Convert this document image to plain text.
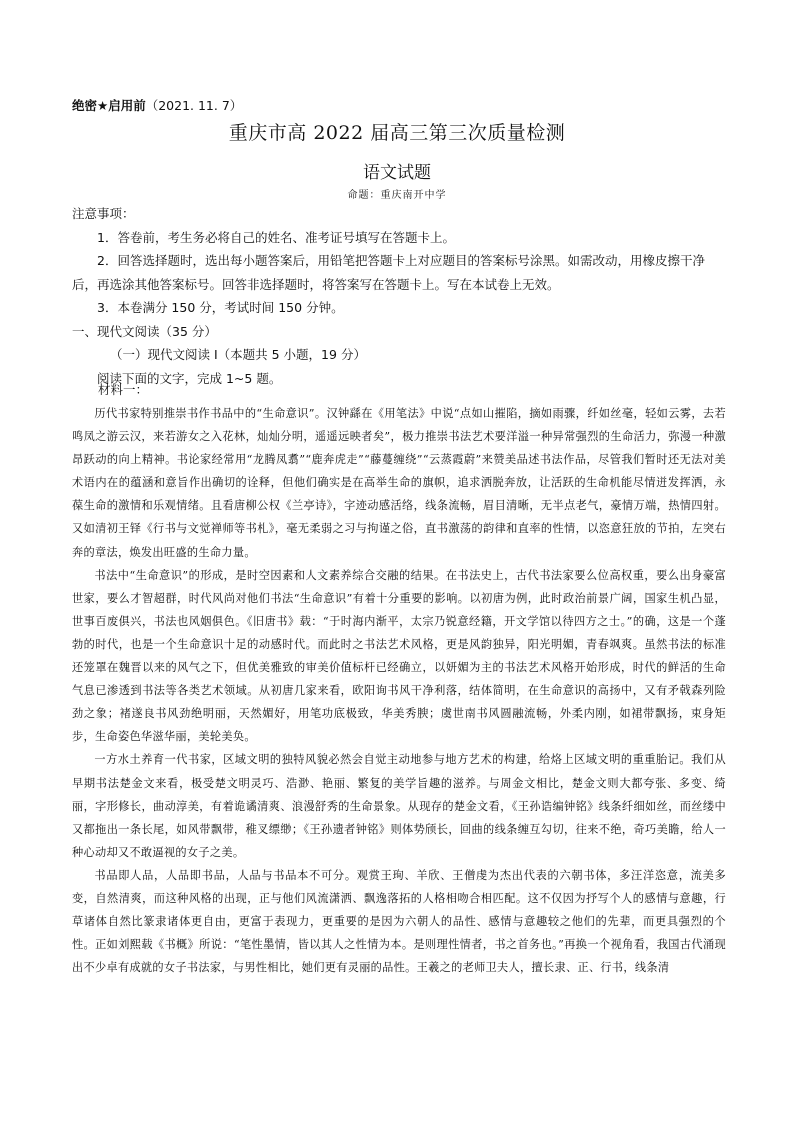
绝密★启用前（2021. 11. 7）
重庆市高 2022 届高三第三次质量检测
语文试题
命题：重庆南开中学

注意事项：

1．答卷前，考生务必将自己的姓名、准考证号填写在答题卡上。

2．回答选择题时，选出每小题答案后，用铅笔把答题卡上对应题目的答案标号涂黑。如需改动，用橡皮擦干净后，再选涂其他答案标号。回答非选择题时，将答案写在答题卡上。写在本试卷上无效。

3．本卷满分 150 分，考试时间 150 分钟。

一、现代文阅读（35 分）

（一）现代文阅读 I（本题共 5 小题，19 分）

阅读下面的文字，完成 1~5 题。

材料一：

历代书家特别推崇书作书品中的“生命意识”。汉钟繇在《用笔法》中说“点如山摧陷，摘如雨骤，纤如丝毫，轻如云雾，去若鸣凤之游云汉，来若游女之入花林，灿灿分明，遥遥远映者矣”，极力推崇书法艺术要洋溢一种异常强烈的生命活力，弥漫一种激昂跃动的向上精神。书论家经常用“龙腾凤翥”“鹿奔虎走”“藤蔓缠绕”“云蒸霞蔚”来赞美品述书法作品，尽管我们暂时还无法对美术语内在的蕴涵和意旨作出确切的诠释，但他们确实是在高举生命的旗帜，追求洒脱奔放，让活跃的生命机能尽情迸发挥洒，永葆生命的激情和乐观情绪。且看唐柳公权《兰亭诗》，字迹动感活络，线条流畅，眉目清晰，无半点老气，豪情万端，热情四射。又如清初王铎《行书与文觉禅师等书札》，毫无柔弱之习与拘谨之俗，直书激荡的韵律和直率的性情，以恣意狂放的节拍，左突右奔的章法，焕发出旺盛的生命力量。

书法中“生命意识”的形成，是时空因素和人文素养综合交融的结果。在书法史上，古代书法家要么位高权重，要么出身豪富世家，要么才智超群，时代风尚对他们书法“生命意识”有着十分重要的影响。以初唐为例，此时政治前景广阔，国家生机凸显，世事百废俱兴，书法也风姻俱色。《旧唐书》载：“于时海内渐平，太宗乃锐意经籍，开文学馆以待四方之士。”的确，这是一个蓬勃的时代，也是一个生命意识十足的动感时代。而此时之书法艺术风格，更是风韵独异，阳光明媚，青春飒爽。虽然书法的标准还笼罩在魏晋以来的风气之下，但优美雅致的审美价值标杆已经确立，以妍媚为主的书法艺术风格开始形成，时代的鲜活的生命气息已渗透到书法等各类艺术领域。从初唐几家来看，欧阳询书风干净利落，结体简明，在生命意识的高扬中，又有矛戟森列险劲之象；褚遂良书风劲绝明丽，天然媚好，用笔功底极致，华美秀腴；虞世南书风圆融流畅，外柔内刚，如裙带飘扬，束身矩步，生命姿色华滋华丽，美轮美奂。

一方水土养育一代书家，区域文明的独特风貌必然会自觉主动地参与地方艺术的构建，给烙上区域文明的重重胎记。我们从早期书法楚金文来看，极受楚文明灵巧、浩渺、艳丽、繁复的美学旨趣的滋养。与周金文相比，楚金文则大都夸张、多变、绮丽，字形修长，曲动淳美，有着诡谲清爽、浪漫舒秀的生命景象。从现存的楚金文看，《王孙诰编钟铭》线条纤细如丝，而丝缕中又都拖出一条长尾，如风带飘带，稚叉缥缈；《王孙遗者钟铭》则体势颀长，回曲的线条缠互勾切，往来不绝，奇巧美瞻，给人一种心动却又不敢逼视的女子之美。

书品即人品，人品即书品，人品与书品本不可分。观赏王珣、羊欣、王僧虔为杰出代表的六朝书体，多汪洋恣意，流美多变，自然清爽，而这种风格的出现，正与他们风流潇洒、飘逸落拓的人格相吻合相匹配。这不仅因为抒写个人的感情与意趣，行草诸体自然比篆隶诸体更自由，更富于表现力，更重要的是因为六朝人的品性、感情与意趣较之他们的先辈，而更具强烈的个性。正如刘熙载《书概》所说：“笔性墨情，皆以其人之性情为本。是则理性情者，书之首务也。”再换一个视角看，我国古代涌现出不少卓有成就的女子书法家，与男性相比，她们更有灵丽的品性。王羲之的老师卫夫人，擅长隶、正、行书，线条清
